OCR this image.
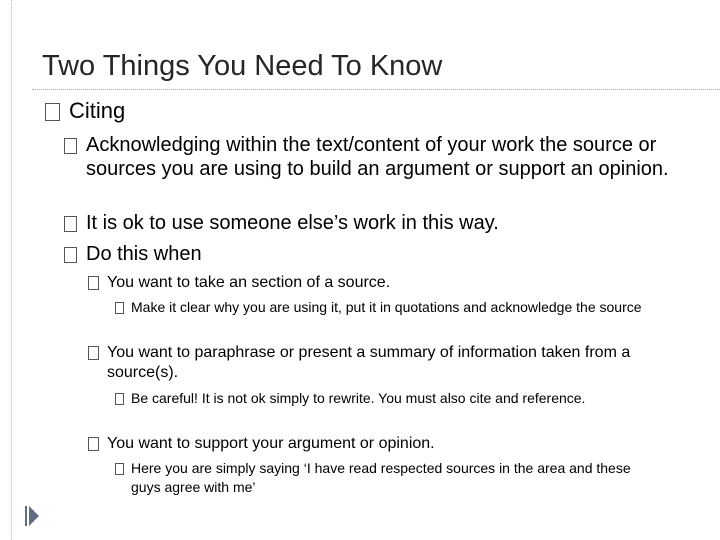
Two Things You Need To Know
Citing
Acknowledging within the text/content of your work the source or sources you are using to build an argument or support an opinion.
It is ok to use someone else’s work in this way.
Do this when
You want to take an section of a source.
Make it clear why you are using it, put it in quotations and acknowledge the source
You want to paraphrase or present a summary of information taken from a source(s).
Be careful! It is not ok simply to rewrite. You must also cite and reference.
You want to support your argument or opinion.
Here you are simply saying ‘I have read respected sources in the area and these guys agree with me’
